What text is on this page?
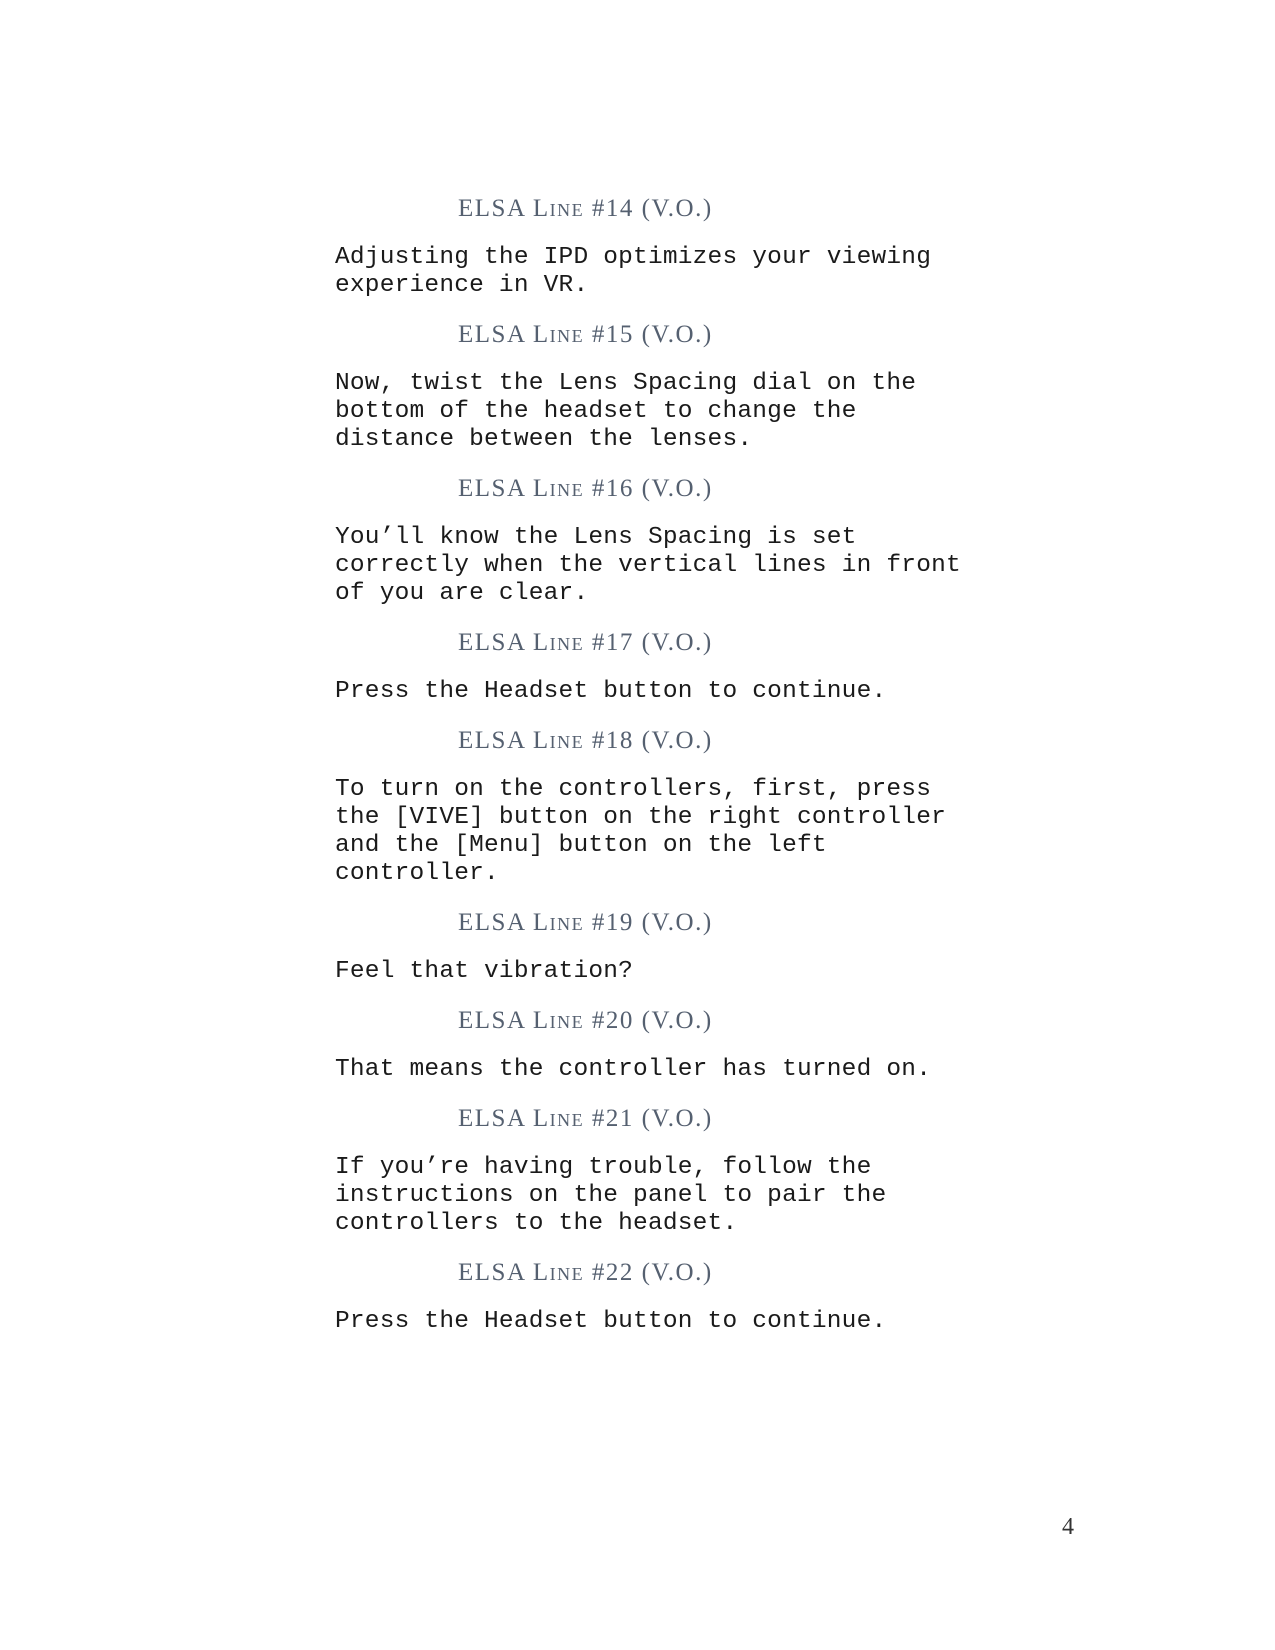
ELSA Line #14 (V.O.)
Adjusting the IPD optimizes your viewing
experience in VR.
ELSA Line #15 (V.O.)
Now, twist the Lens Spacing dial on the
bottom of the headset to change the
distance between the lenses.
ELSA Line #16 (V.O.)
You’ll know the Lens Spacing is set
correctly when the vertical lines in front
of you are clear.
ELSA Line #17 (V.O.)
Press the Headset button to continue.
ELSA Line #18 (V.O.)
To turn on the controllers, first, press
the [VIVE] button on the right controller
and the [Menu] button on the left
controller.
ELSA Line #19 (V.O.)
Feel that vibration?
ELSA Line #20 (V.O.)
That means the controller has turned on.
ELSA Line #21 (V.O.)
If you’re having trouble, follow the
instructions on the panel to pair the
controllers to the headset.
ELSA Line #22 (V.O.)
Press the Headset button to continue.
4
